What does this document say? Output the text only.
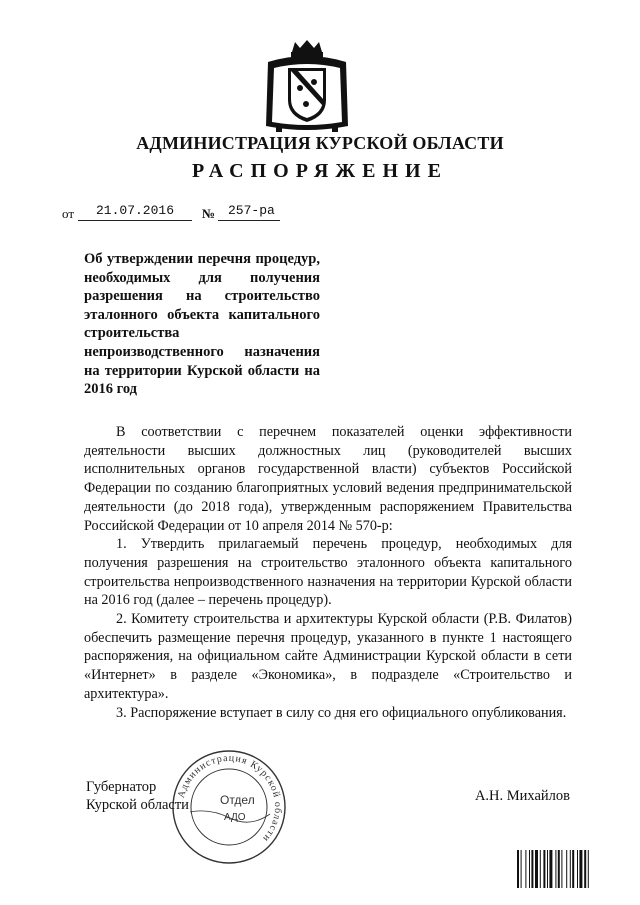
АДМИНИСТРАЦИЯ КУРСКОЙ ОБЛАСТИ
РАСПОРЯЖЕНИЕ
от 21.07.2016 № 257-ра
Об утверждении перечня процедур, необходимых для получения разрешения на строительство эталонного объекта капитального строительства непроизводственного назначения на территории Курской области на 2016 год

В соответствии с перечнем показателей оценки эффективности деятельности высших должностных лиц (руководителей высших исполнительных органов государственной власти) субъектов Российской Федерации по созданию благоприятных условий ведения предпринимательской деятельности (до 2018 года), утвержденным распоряжением Правительства Российской Федерации от 10 апреля 2014 № 570-р:

1. Утвердить прилагаемый перечень процедур, необходимых для получения разрешения на строительство эталонного объекта капитального строительства непроизводственного назначения на территории Курской области на 2016 год (далее – перечень процедур).

2. Комитету строительства и архитектуры Курской области (Р.В. Филатов) обеспечить размещение перечня процедур, указанного в пункте 1 настоящего распоряжения, на официальном сайте Администрации Курской области в сети «Интернет» в разделе «Экономика», в подразделе «Строительство и архитектура».

3. Распоряжение вступает в силу со дня его официального опубликования.

Администрация Курской области
Отдел
АДО
Губернатор
Курской области
А.Н. Михайлов
